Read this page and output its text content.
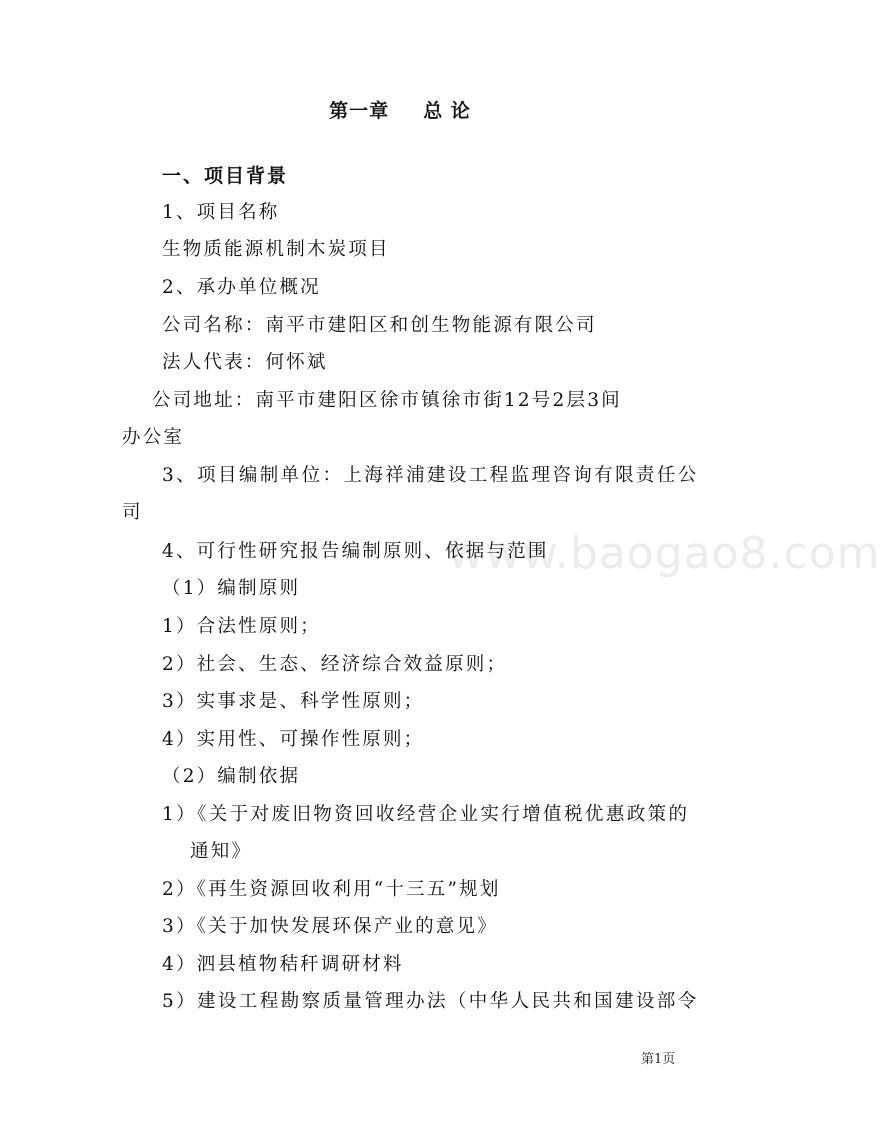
www.baogao8.com
第一章 总 论
一、项目背景
1、项目名称
生物质能源机制木炭项目
2、承办单位概况
公司名称：南平市建阳区和创生物能源有限公司
法人代表：何怀斌
公司地址：南平市建阳区徐市镇徐市街12号2层3间
办公室
3、项目编制单位：上海祥浦建设工程监理咨询有限责任公
司
4、可行性研究报告编制原则、依据与范围
（1）编制原则
1）合法性原则；
2）社会、生态、经济综合效益原则；
3）实事求是、科学性原则；
4）实用性、可操作性原则；
（2）编制依据
1）《关于对废旧物资回收经营企业实行增值税优惠政策的
通知》
2）《再生资源回收利用“十三五”规划
3）《关于加快发展环保产业的意见》
4）泗县植物秸秆调研材料
5）建设工程勘察质量管理办法（中华人民共和国建设部令
第1页
